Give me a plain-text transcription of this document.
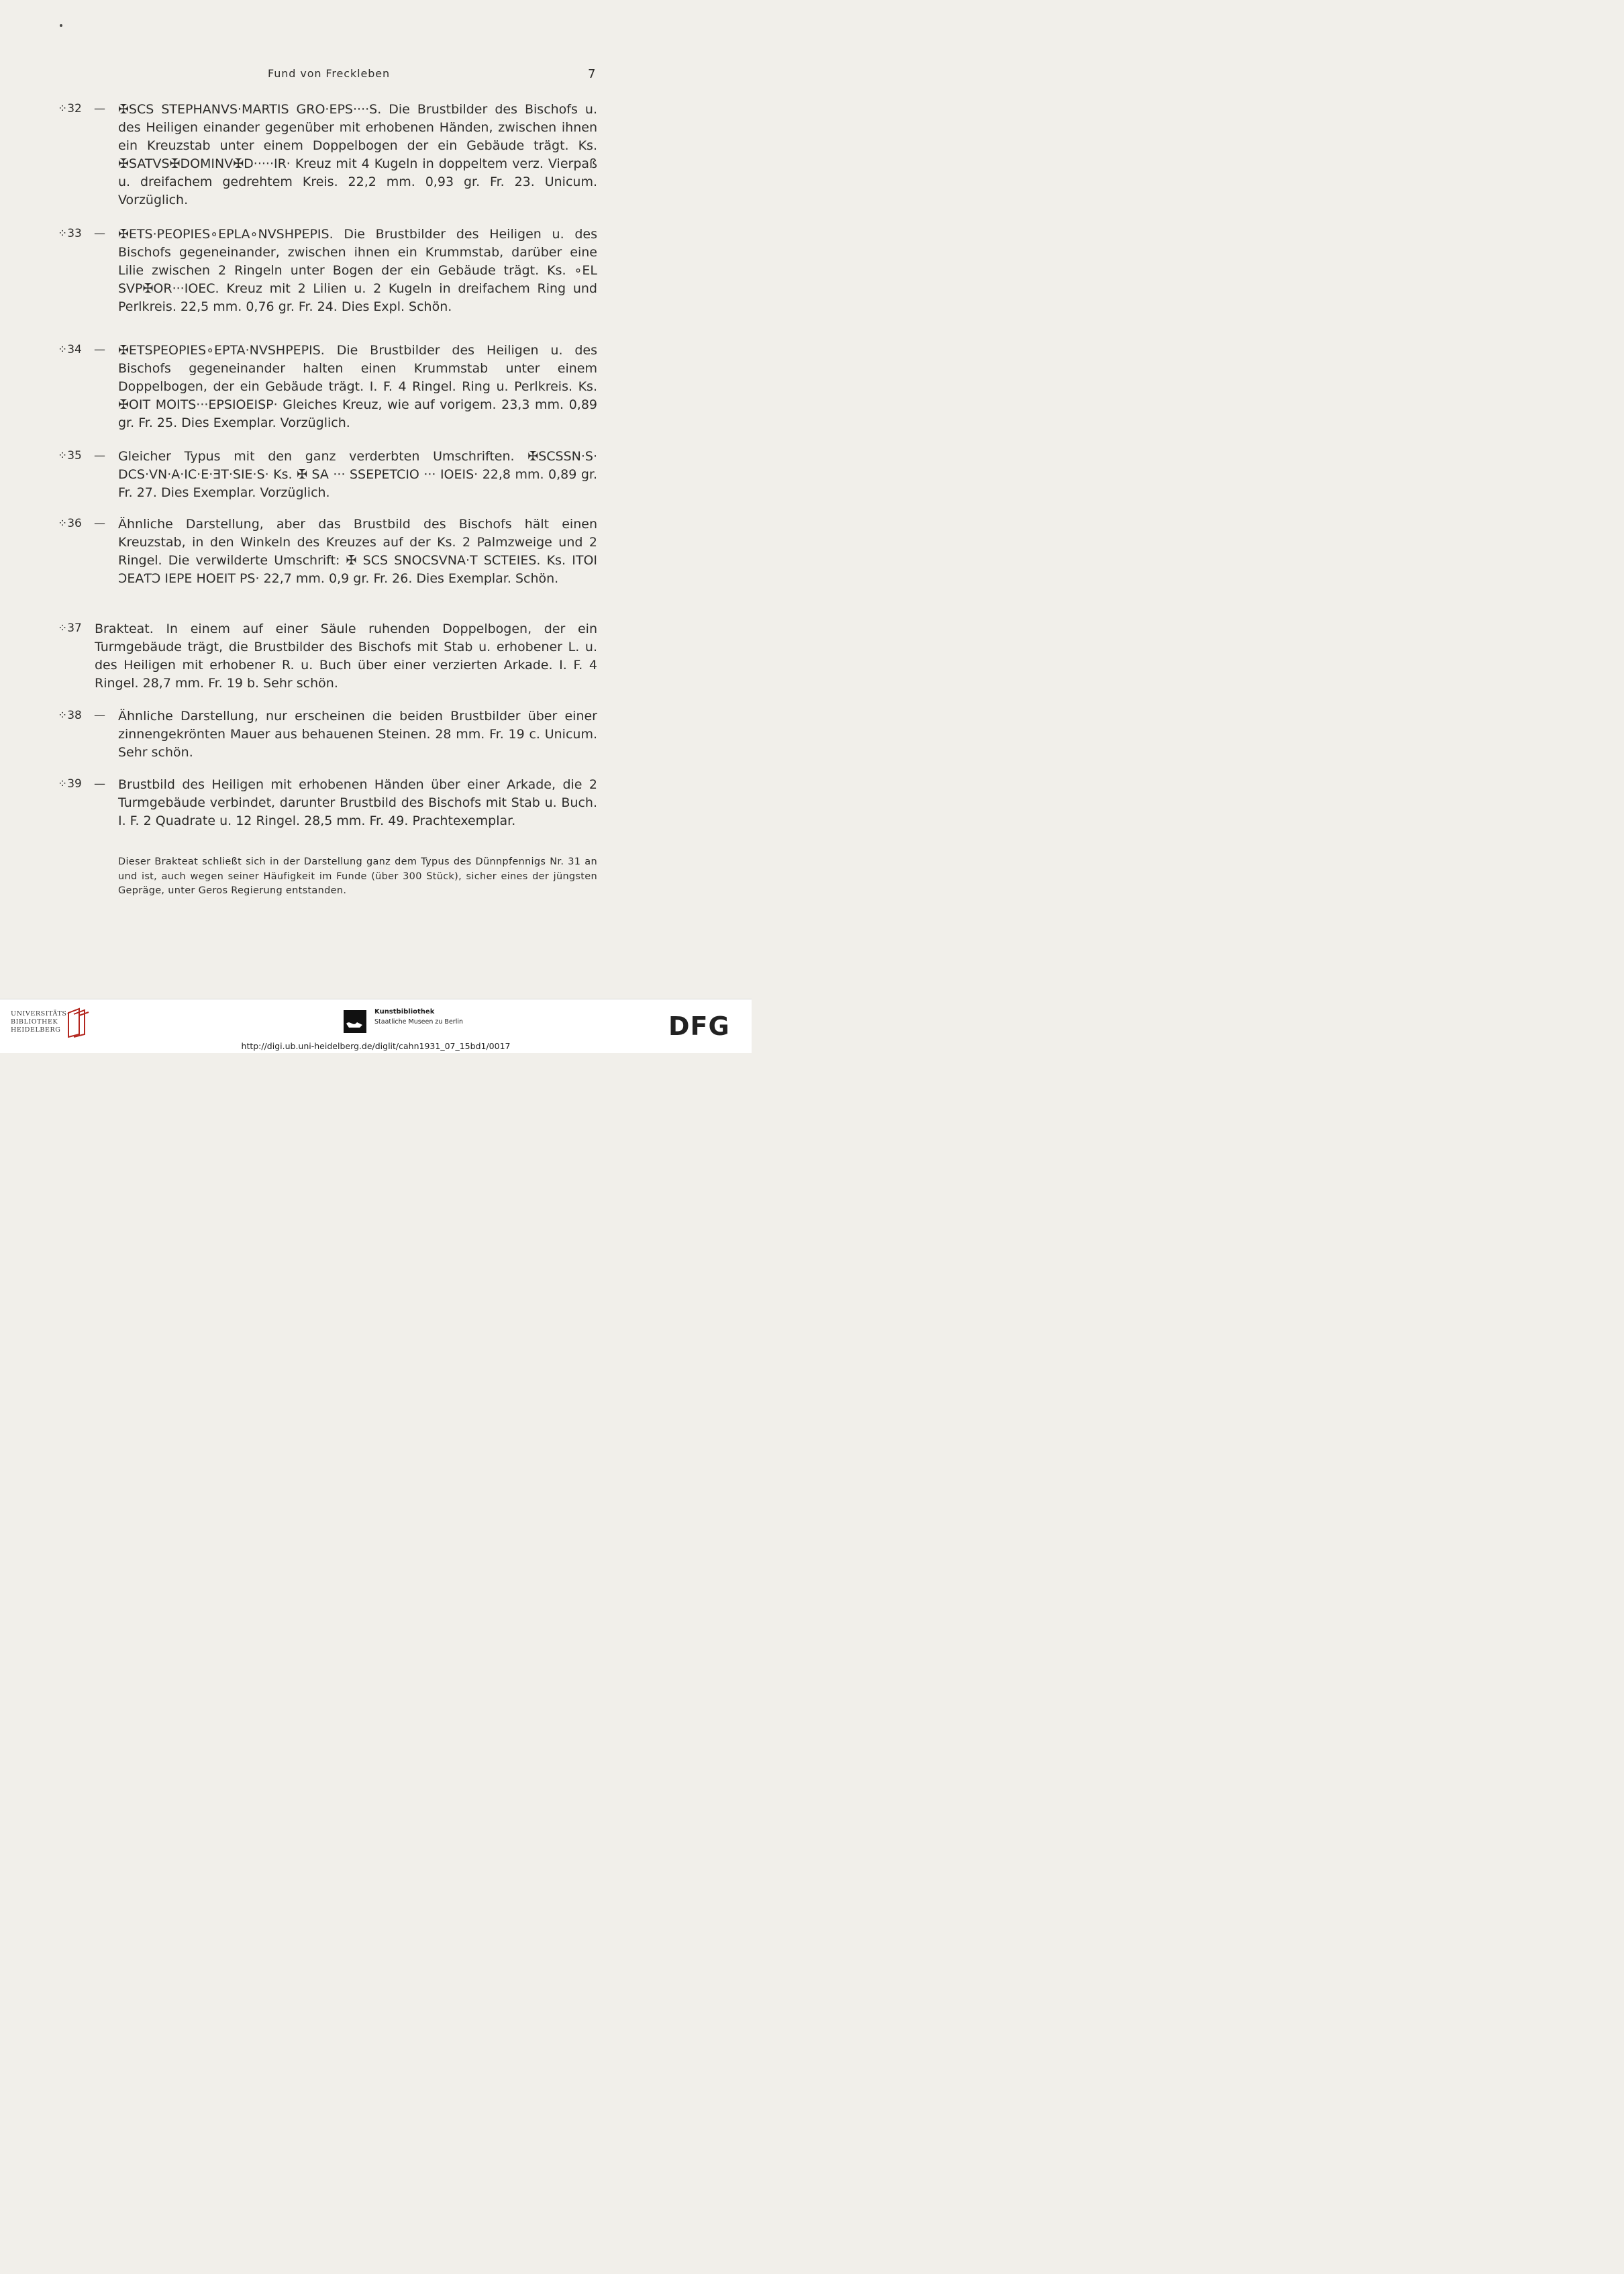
Fund von Freckleben	7
⁘32 — ✠SCS STEPHANVS·MARTIS GRO·EPS····S. Die Brustbilder des Bischofs u. des Heiligen einander gegenüber mit erhobenen Händen, zwischen ihnen ein Kreuzstab unter einem Doppelbogen der ein Gebäude trägt. Ks. ✠SATVS✠DOMINV✠D·····IR· Kreuz mit 4 Kugeln in doppeltem verz. Vierpaß u. dreifachem gedrehtem Kreis. 22,2 mm. 0,93 gr. Fr. 23. Unicum. Vorzüglich.
⁘33 — ✠ETS·PEOPIES∘EPLA∘NVSHPEPIS. Die Brustbilder des Heiligen u. des Bischofs gegeneinander, zwischen ihnen ein Krummstab, darüber eine Lilie zwischen 2 Ringeln unter Bogen der ein Gebäude trägt. Ks. ∘EL SVP✠OR···IOEC. Kreuz mit 2 Lilien u. 2 Kugeln in dreifachem Ring und Perlkreis. 22,5 mm. 0,76 gr. Fr. 24. Dies Expl. Schön.
⁘34 — ✠ETSPEOPIES∘EPTA·NVSHPEPIS. Die Brustbilder des Heiligen u. des Bischofs gegeneinander halten einen Krummstab unter einem Doppelbogen, der ein Gebäude trägt. I. F. 4 Ringel. Ring u. Perlkreis. Ks. ✠OIT MOITS···EPSIOEISP· Gleiches Kreuz, wie auf vorigem. 23,3 mm. 0,89 gr. Fr. 25. Dies Exemplar. Vorzüglich.
⁘35 — Gleicher Typus mit den ganz verderbten Umschriften. ✠SCSSN·S· DCS·VN·A·IC·E·ƎT·SIE·S· Ks. ✠ SA ··· SSEPETCIO ··· IOEIS· 22,8 mm. 0,89 gr. Fr. 27. Dies Exemplar. Vorzüglich.
⁘36 — Ähnliche Darstellung, aber das Brustbild des Bischofs hält einen Kreuzstab, in den Winkeln des Kreuzes auf der Ks. 2 Palmzweige und 2 Ringel. Die verwilderte Umschrift: ✠ SCS SNOCSVNA·T SCTEIES. Ks. ITOI ƆEAƬƆ IEPE HOEIT PS· 22,7 mm. 0,9 gr. Fr. 26. Dies Exemplar. Schön.
⁘37 Brakteat. In einem auf einer Säule ruhenden Doppelbogen, der ein Turmgebäude trägt, die Brustbilder des Bischofs mit Stab u. erhobener L. u. des Heiligen mit erhobener R. u. Buch über einer verzierten Arkade. I. F. 4 Ringel. 28,7 mm. Fr. 19 b. Sehr schön.
⁘38 — Ähnliche Darstellung, nur erscheinen die beiden Brustbilder über einer zinnengekrönten Mauer aus behauenen Steinen. 28 mm. Fr. 19 c. Unicum. Sehr schön.
⁘39 — Brustbild des Heiligen mit erhobenen Händen über einer Arkade, die 2 Turmgebäude verbindet, darunter Brustbild des Bischofs mit Stab u. Buch. I. F. 2 Quadrate u. 12 Ringel. 28,5 mm. Fr. 49. Prachtexemplar.
Dieser Brakteat schließt sich in der Darstellung ganz dem Typus des Dünnpfennigs Nr. 31 an und ist, auch wegen seiner Häufigkeit im Funde (über 300 Stück), sicher eines der jüngsten Gepräge, unter Geros Regierung entstanden.
UNIVERSITÄTS-
BIBLIOTHEK
HEIDELBERG
Kunstbibliothek
Staatliche Museen zu Berlin	DFG
http://digi.ub.uni-heidelberg.de/diglit/cahn1931_07_15bd1/0017
